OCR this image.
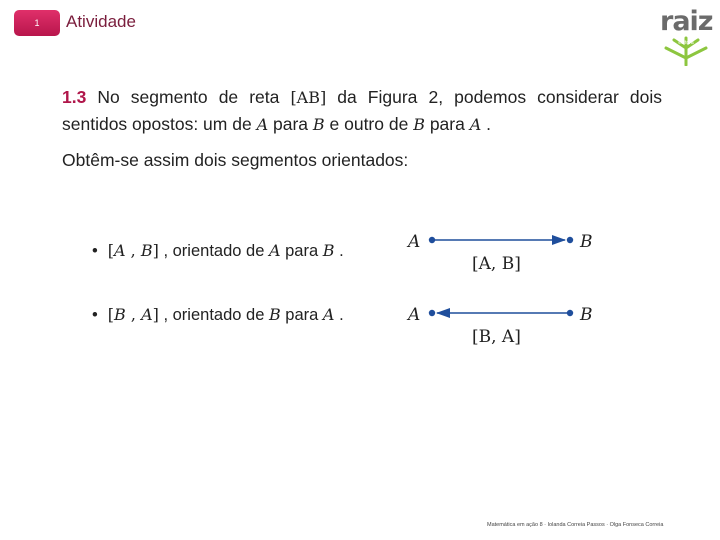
1 Atividade	raiz
editora
1.3 No segmento de reta [AB] da Figura 2, podemos considerar dois sentidos opostos: um de A para B e outro de B para A .
Obtêm-se assim dois segmentos orientados:
• [A , B] , orientado de A para B .
• [B , A] , orientado de B para A .
A	B
[A, B]
A	B
[B, A]
Matemática em ação 8 · Iolanda Correia Passos · Olga Fonseca Correia
